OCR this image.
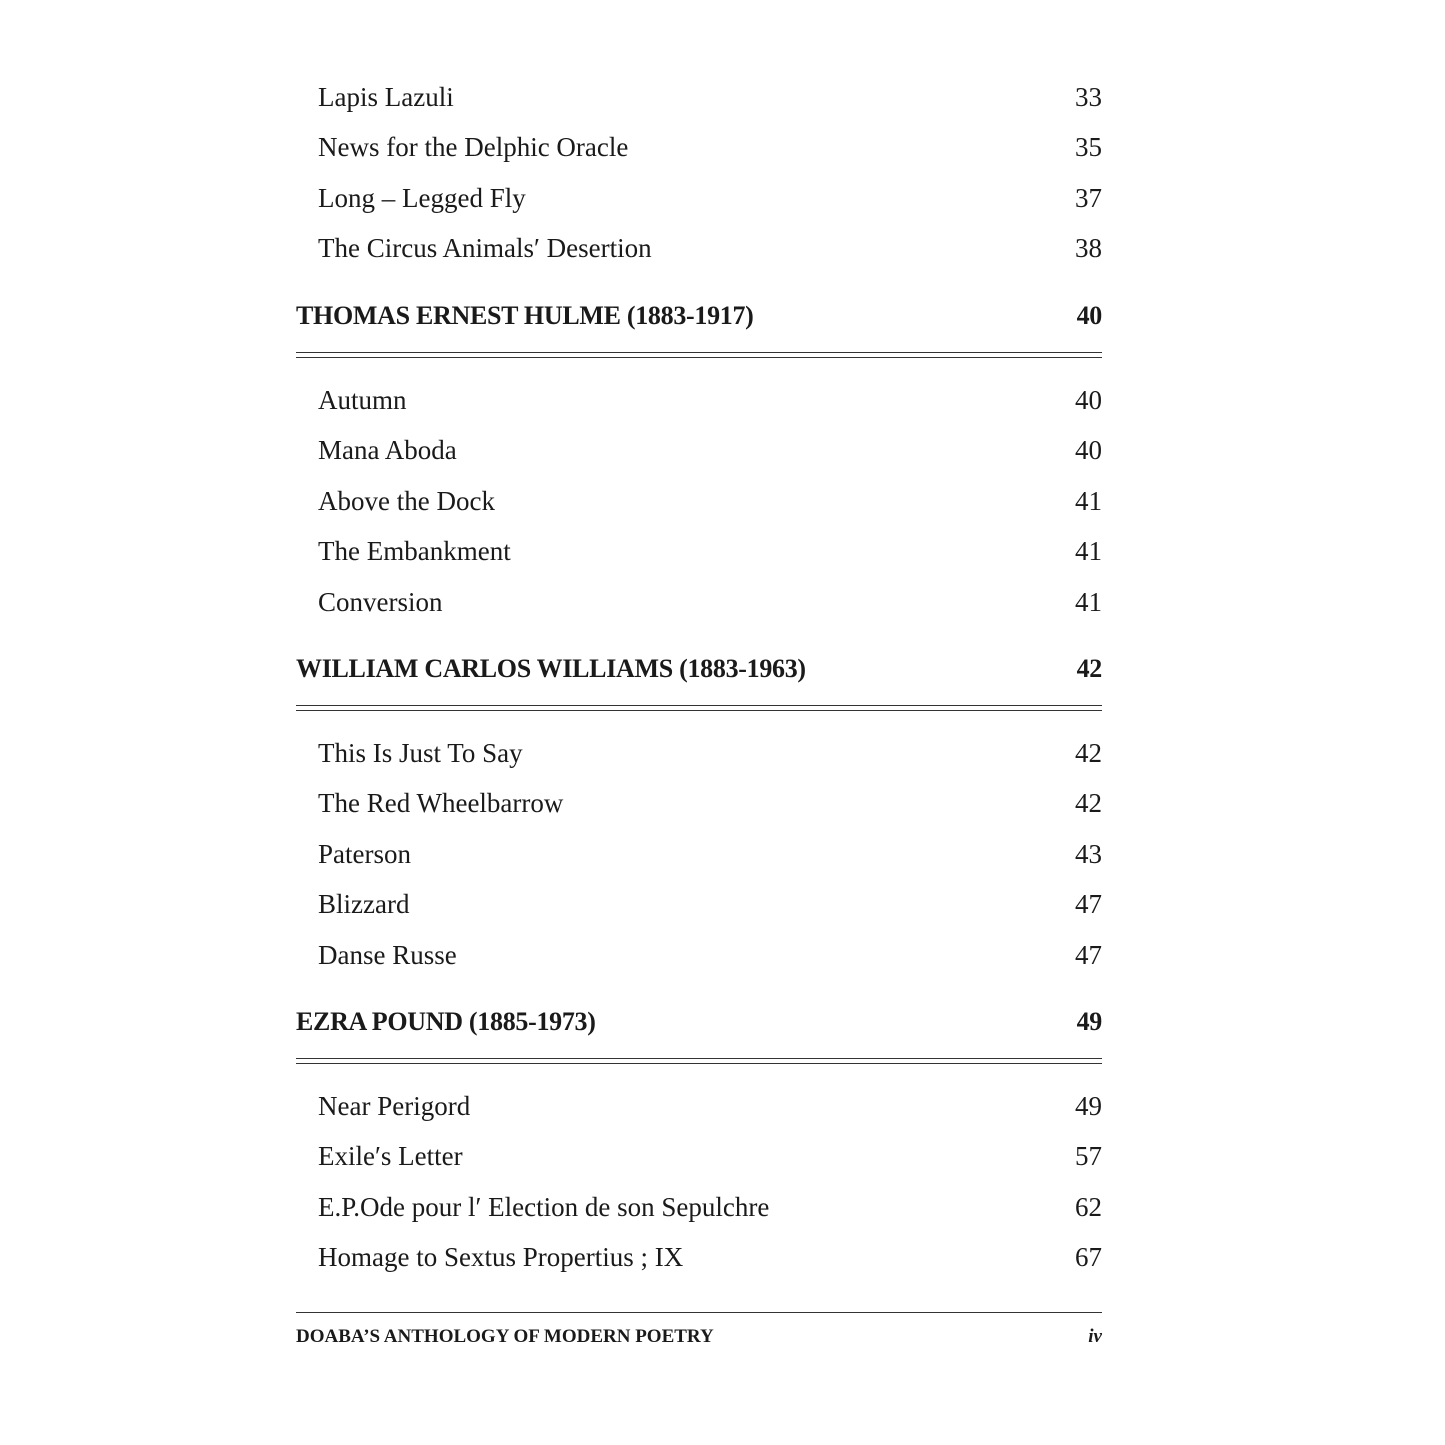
Lapis Lazuli	33
News for the Delphic Oracle	35
Long – Legged Fly	37
The Circus Animals′ Desertion	38
THOMAS ERNEST HULME (1883-1917)	40
Autumn	40
Mana Aboda	40
Above the Dock	41
The Embankment	41
Conversion	41
WILLIAM CARLOS WILLIAMS (1883-1963)	42
This Is Just To Say	42
The Red Wheelbarrow	42
Paterson	43
Blizzard	47
Danse Russe	47
EZRA POUND (1885-1973)	49
Near Perigord	49
Exile′s Letter	57
E.P.Ode pour l′ Election de son Sepulchre	62
Homage to Sextus Propertius ; IX	67
DOABA’S ANTHOLOGY OF MODERN POETRY	iv
